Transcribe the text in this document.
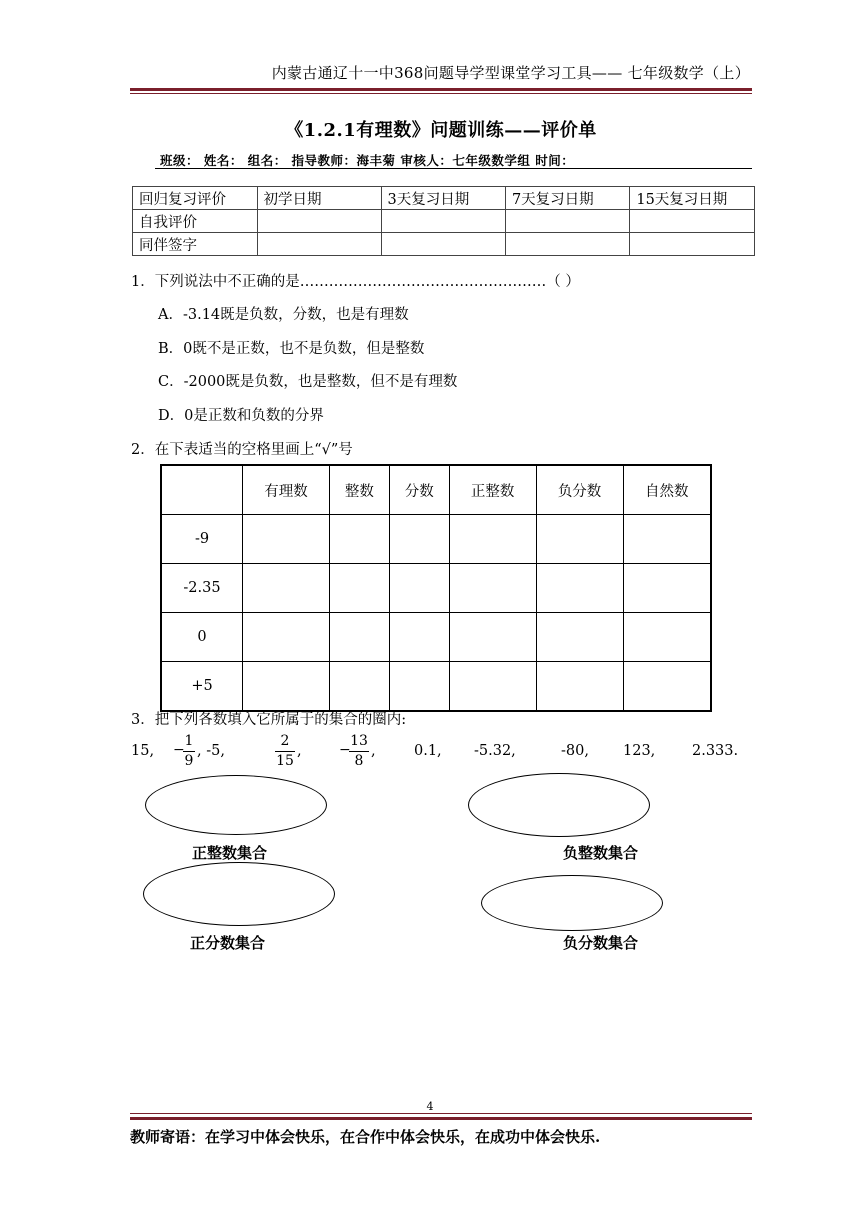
内蒙古通辽十一中368问题导学型课堂学习工具—— 七年级数学（上）
《1.2.1有理数》问题训练——评价单
班级： 姓名： 组名： 指导教师：海丰菊 审核人：七年级数学组 时间：
回归复习评价	初学日期	3天复习日期	7天复习日期	15天复习日期
自我评价				
同伴签字				
1．下列说法中不正确的是……………………………………………（ ）
A．-3.14既是负数，分数，也是有理数
B．0既不是正数，也不是负数，但是整数
C．-2000既是负数，也是整数，但不是有理数
D．0是正数和负数的分界
2．在下表适当的空格里画上“√”号
	有理数	整数	分数	正整数	负分数	自然数
-9						
-2.35						
0						
+5						
3．把下列各数填入它所属于的集合的圈内:
15, −
1
9
, -5,
2
15
,	−
13
8
,	0.1, -5.32,	-80, 123,	2.333.
正整数集合	负整数集合
正分数集合	负分数集合
4
教师寄语：在学习中体会快乐，在合作中体会快乐，在成功中体会快乐.
